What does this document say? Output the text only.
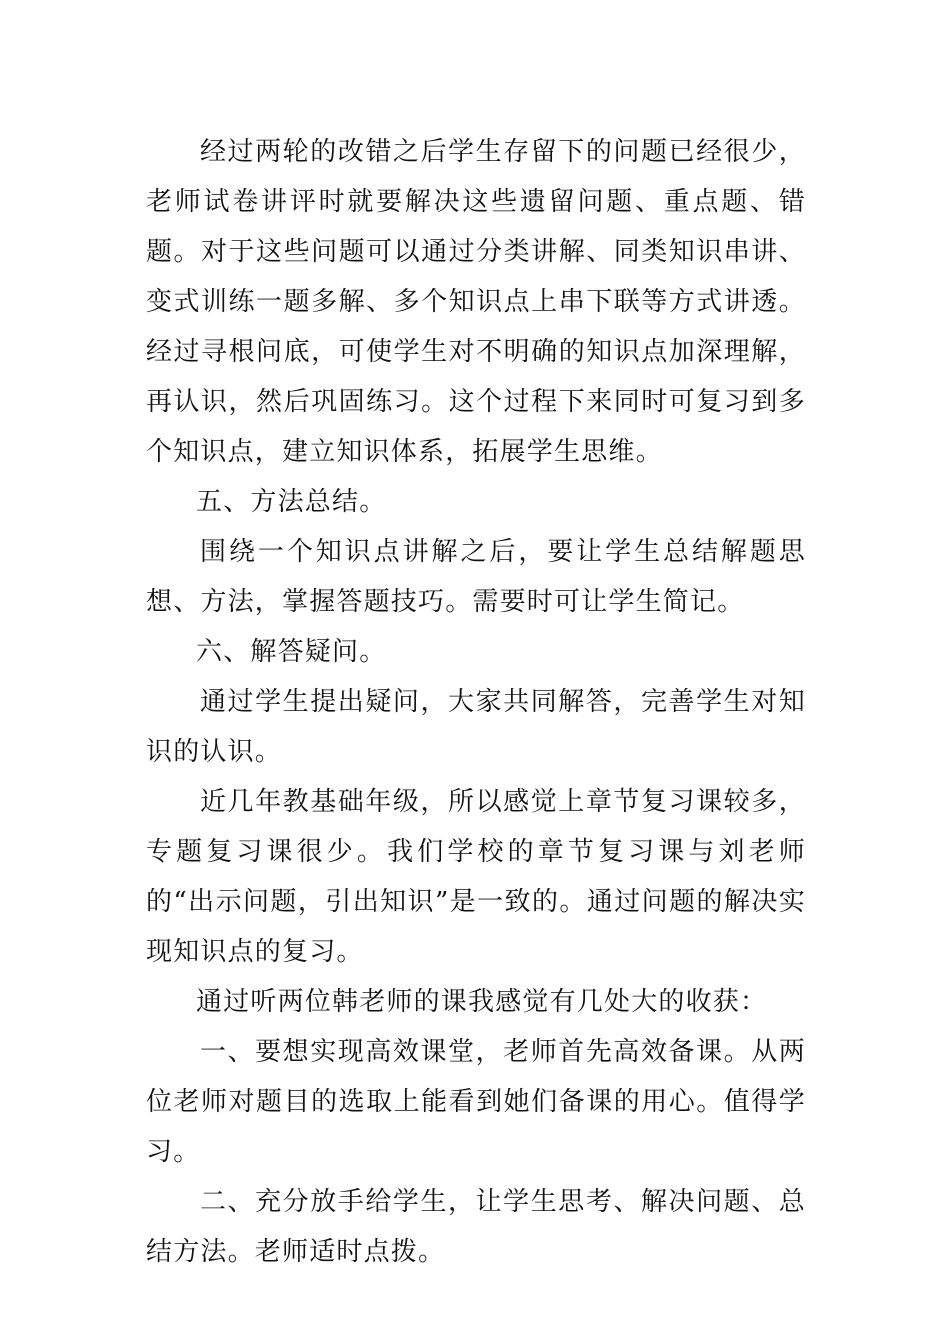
经过两轮的改错之后学生存留下的问题已经很少，老师试卷讲评时就要解决这些遗留问题、重点题、错题。对于这些问题可以通过分类讲解、同类知识串讲、变式训练一题多解、多个知识点上串下联等方式讲透。经过寻根问底，可使学生对不明确的知识点加深理解，再认识，然后巩固练习。这个过程下来同时可复习到多个知识点，建立知识体系，拓展学生思维。

五、方法总结。

围绕一个知识点讲解之后，要让学生总结解题思想、方法，掌握答题技巧。需要时可让学生简记。

六、解答疑问。

通过学生提出疑问，大家共同解答，完善学生对知识的认识。

近几年教基础年级，所以感觉上章节复习课较多，专题复习课很少。我们学校的章节复习课与刘老师的“出示问题，引出知识”是一致的。通过问题的解决实现知识点的复习。

通过听两位韩老师的课我感觉有几处大的收获：

一、要想实现高效课堂，老师首先高效备课。从两位老师对题目的选取上能看到她们备课的用心。值得学习。

二、充分放手给学生，让学生思考、解决问题、总结方法。老师适时点拨。
